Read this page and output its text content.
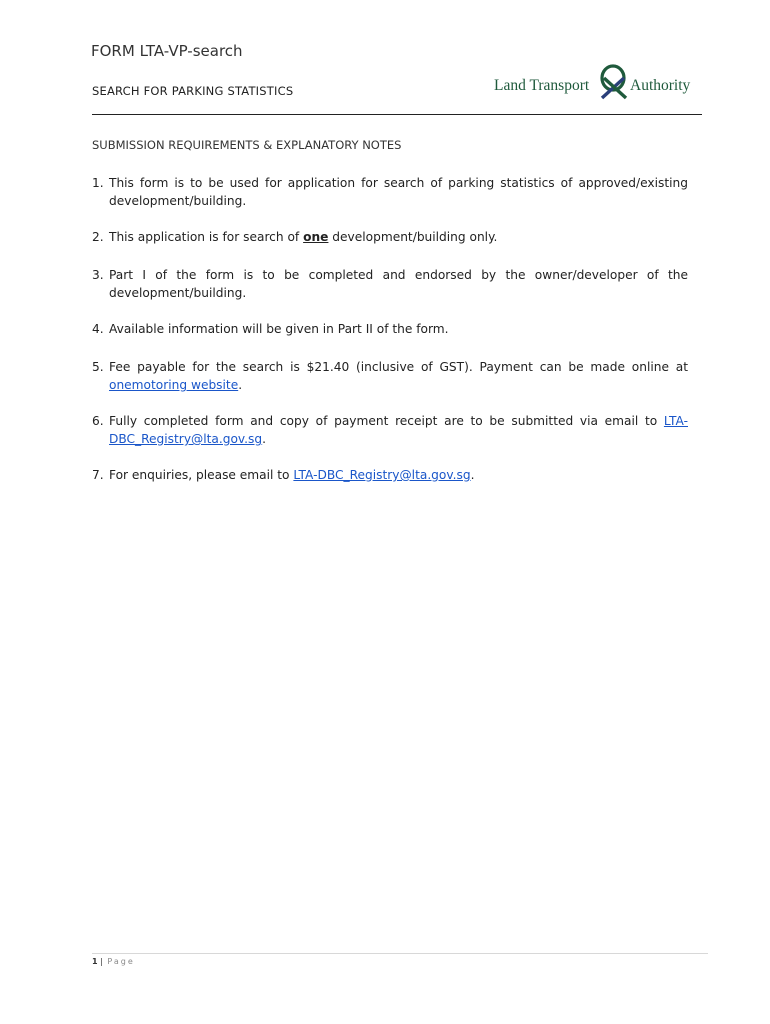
FORM LTA-VP-search
SEARCH FOR PARKING STATISTICS	Land Transport	Authority
SUBMISSION REQUIREMENTS & EXPLANATORY NOTES
1. This form is to be used for application for search of parking statistics of approved/existing development/building.
2. This application is for search of one development/building only.
3. Part I of the form is to be completed and endorsed by the owner/developer of the development/building.
4. Available information will be given in Part II of the form.
5. Fee payable for the search is $21.40 (inclusive of GST). Payment can be made online at onemotoring website.
6. Fully completed form and copy of payment receipt are to be submitted via email to LTA-DBC_Registry@lta.gov.sg.
7. For enquiries, please email to LTA-DBC_Registry@lta.gov.sg.
1 | Page
